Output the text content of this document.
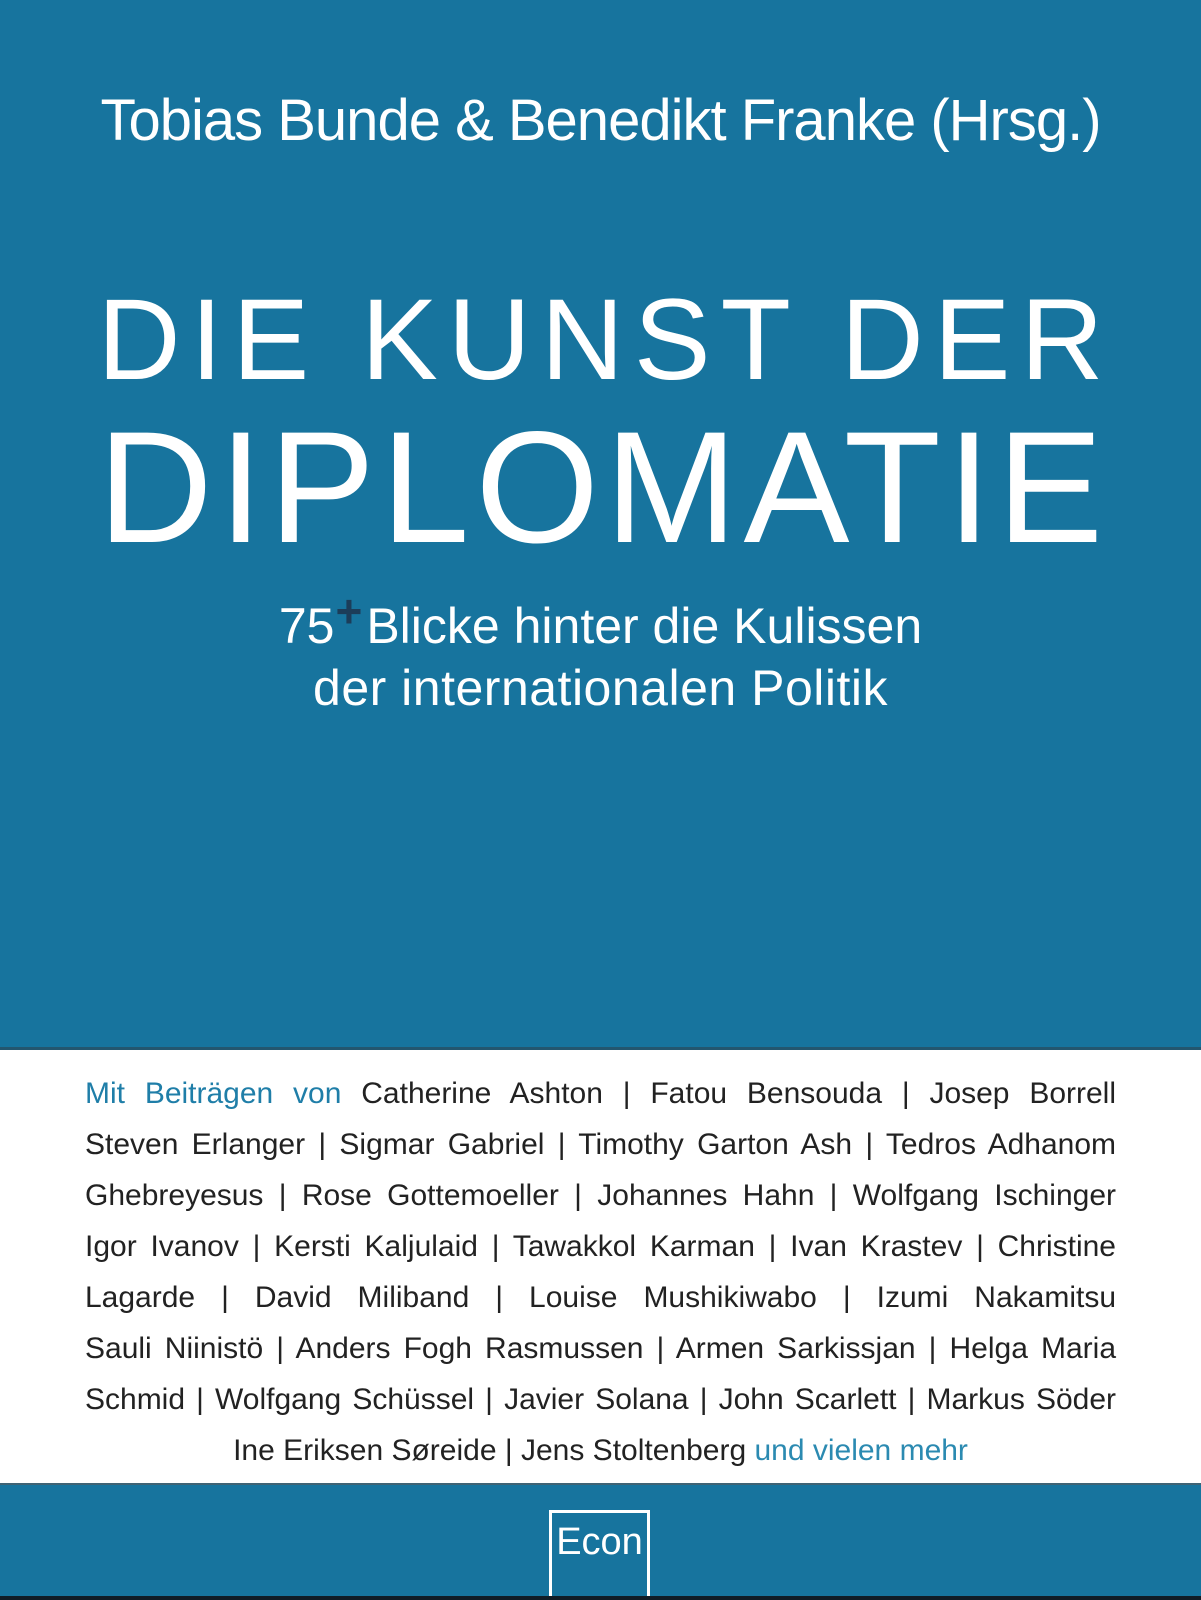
Tobias Bunde & Benedikt Franke (Hrsg.)
DIE KUNST DER
DIPLOMATIE
75+Blicke hinter die Kulissen
der internationalen Politik
Mit Beiträgen von Catherine Ashton | Fatou Bensouda | Josep Borrell
Steven Erlanger | Sigmar Gabriel | Timothy Garton Ash | Tedros Adhanom
Ghebreyesus | Rose Gottemoeller | Johannes Hahn | Wolfgang Ischinger
Igor Ivanov | Kersti Kaljulaid | Tawakkol Karman | Ivan Krastev | Christine
Lagarde | David Miliband | Louise Mushikiwabo | Izumi Nakamitsu
Sauli Niinistö | Anders Fogh Rasmussen | Armen Sarkissjan | Helga Maria
Schmid | Wolfgang Schüssel | Javier Solana | John Scarlett | Markus Söder
Ine Eriksen Søreide | Jens Stoltenberg und vielen mehr
Econ
